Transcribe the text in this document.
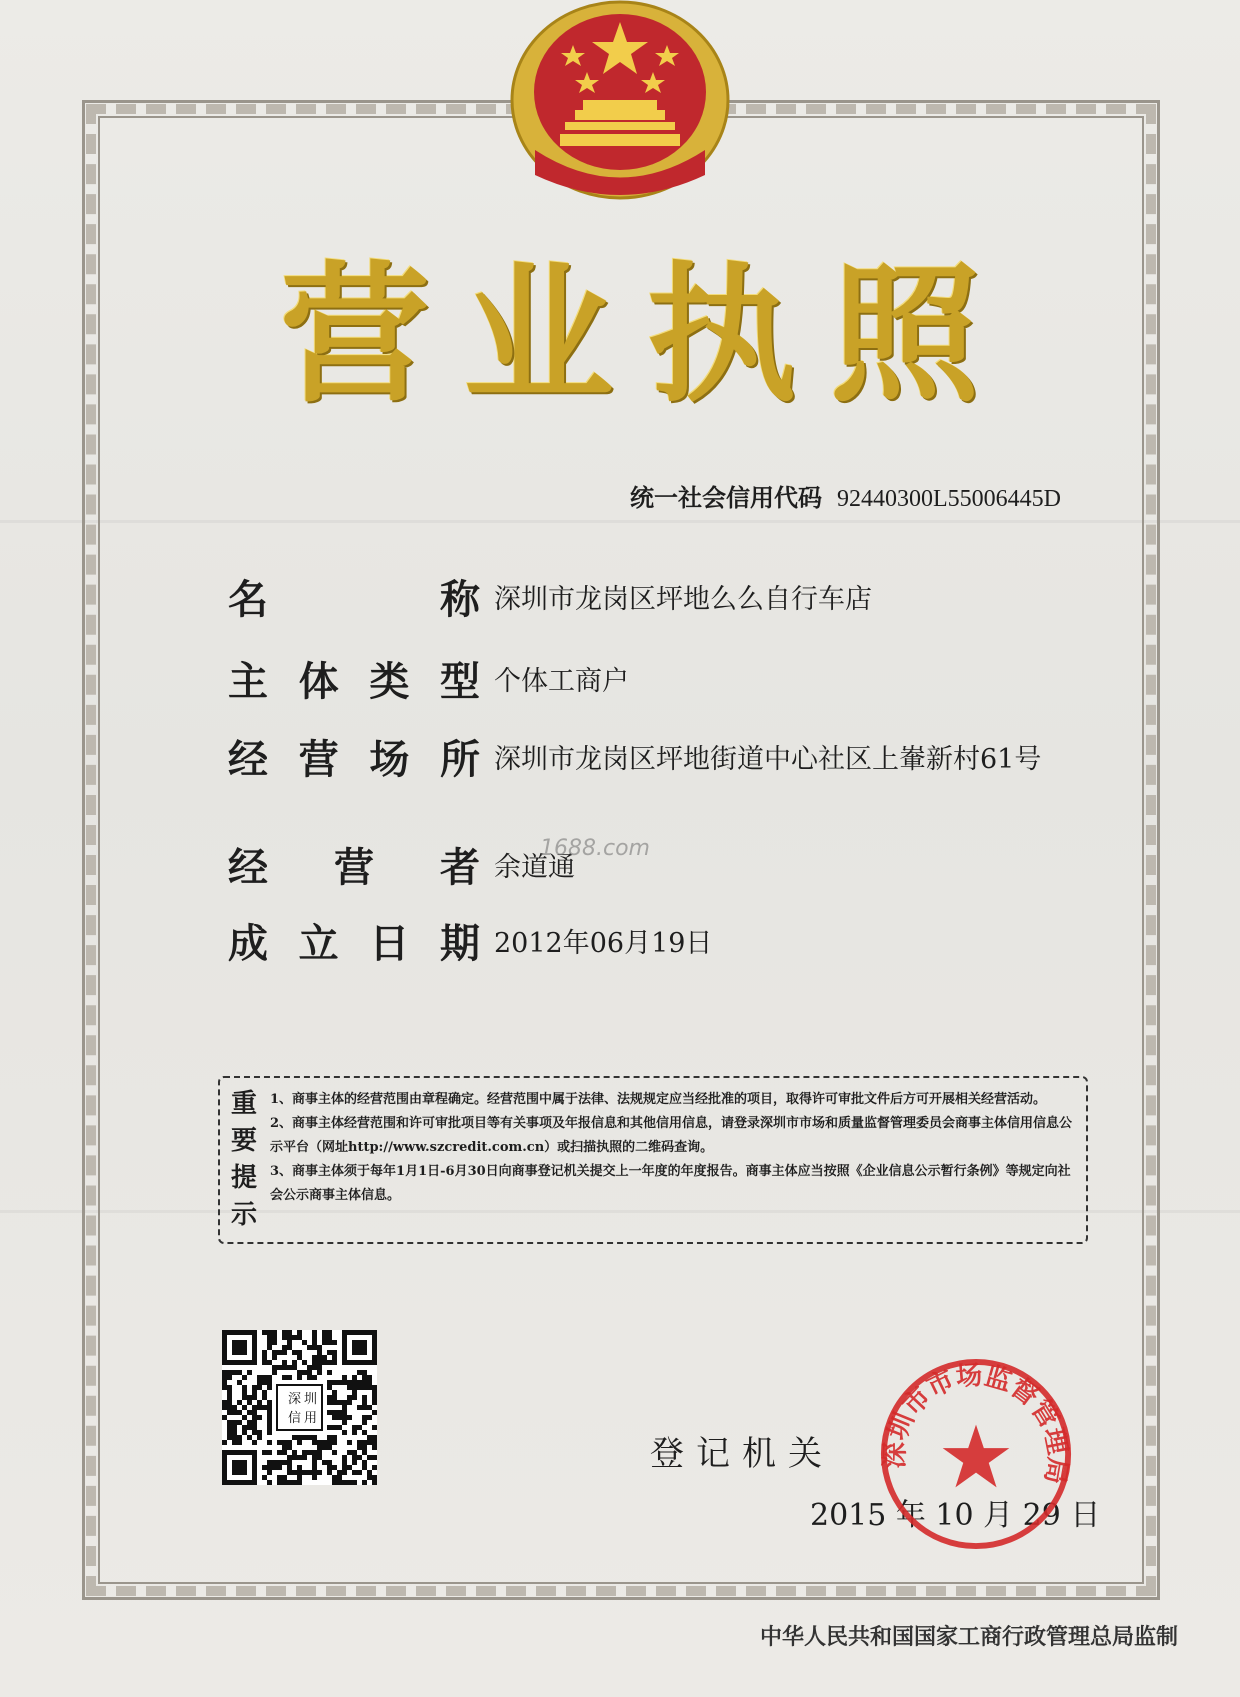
营 业 执 照
统一社会信用代码 92440300L55006445D
名	称 深圳市龙岗区坪地么么自行车店
主 体 类 型 个体工商户
经 营 场 所 深圳市龙岗区坪地街道中心社区上輋新村61号
经 营 者 余道通
1688.com
成 立 日 期 2012年06月19日
重
要
提
示

1、商事主体的经营范围由章程确定。经营范围中属于法律、法规规定应当经批准的项目，取得许可审批文件后方可开展相关经营活动。

2、商事主体经营范围和许可审批项目等有关事项及年报信息和其他信用信息，请登录深圳市市场和质量监督管理委员会商事主体信用信息公示平台（网址http://www.szcredit.com.cn）或扫描执照的二维码查询。

3、商事主体须于每年1月1日-6月30日向商事登记机关提交上一年度的年度报告。商事主体应当按照《企业信息公示暂行条例》等规定向社会公示商事主体信息。

深 圳
信 用
登记机关
2015 年 10 月 29 日
深圳市市场监督管理局
中华人民共和国国家工商行政管理总局监制
